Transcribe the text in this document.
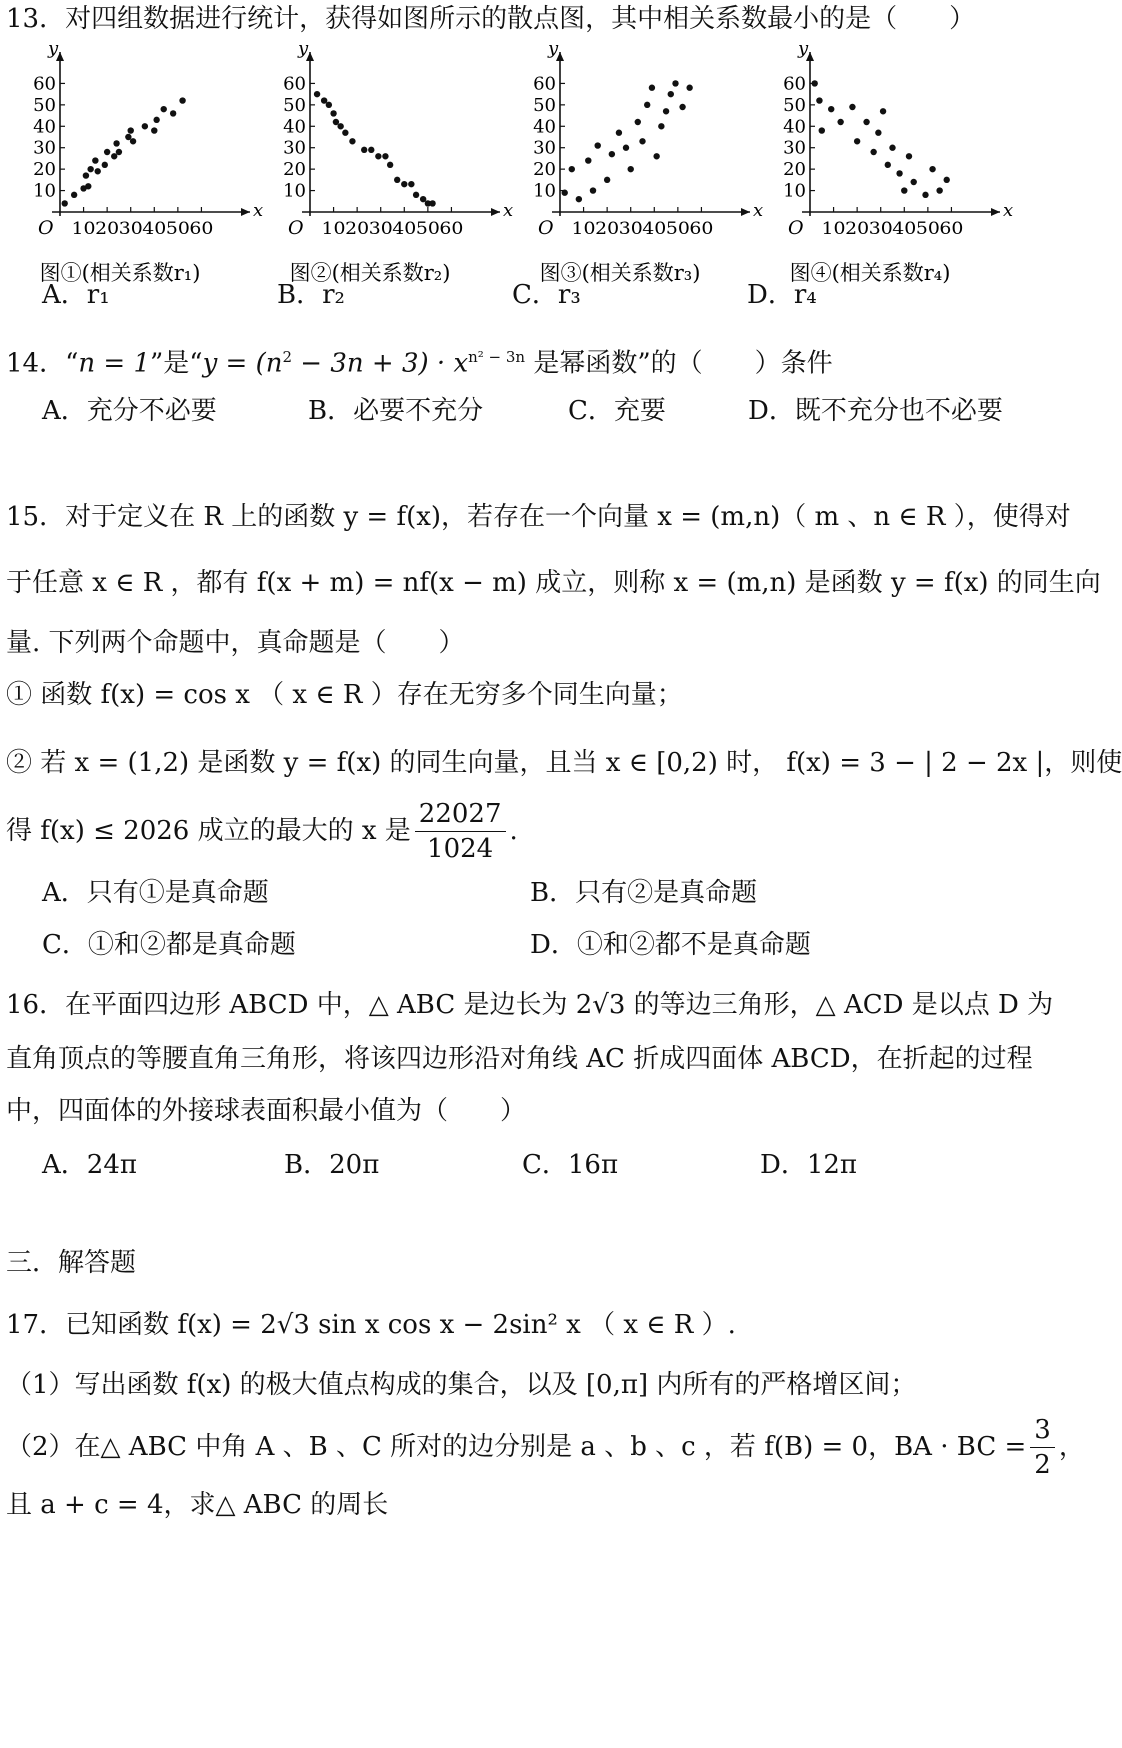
13．对四组数据进行统计，获得如图所示的散点图，其中相关系数最小的是（　　）
x
y
O
10
20
30
40
50
60
10 20 30 40 50 60
图①(相关系数r₁)
x
y
O
10
20
30
40
50
60
10 20 30 40 50 60
图②(相关系数r₂)
x
y
O
10
20
30
40
50
60
10 20 30 40 50 60
图③(相关系数r₃)
x
y
O
10
20
30
40
50
60
10 20 30 40 50 60
图④(相关系数r₄)
A．r₁	B．r₂	C．r₃	D．r₄
14．“n = 1”是“$y = (n^2 - 3n + 3) \cdot x^{n^2 - 3n}$ 是幂函数”的（　　）条件
A．充分不必要	B．必要不充分	C．充要	D．既不充分也不必要
15．对于定义在 R 上的函数 y = f(x)，若存在一个向量 x = (m,n)（ m 、n ∈ R ），使得对
于任意 x ∈ R ，都有 f(x + m) = nf(x − m) 成立，则称 x = (m,n) 是函数 y = f(x) 的同生向
量. 下列两个命题中，真命题是（　　）
① 函数 f(x) = cos x （ x ∈ R ）存在无穷多个同生向量；
② 若 x = (1,2) 是函数 y = f(x) 的同生向量，且当 x ∈ [0,2) 时， f(x) = 3 − | 2 − 2x |，则使
得 f(x) ≤ 2026 成立的最大的 x 是 $\frac{22027}{1024}$ .
A．只有①是真命题	B．只有②是真命题
C．①和②都是真命题	D．①和②都不是真命题
16．在平面四边形 ABCD 中，△ ABC 是边长为 2√3 的等边三角形，△ ACD 是以点 D 为
直角顶点的等腰直角三角形，将该四边形沿对角线 AC 折成四面体 ABCD，在折起的过程
中，四面体的外接球表面积最小值为（　　）
A．24π	B．20π	C．16π	D．12π
三．解答题
17．已知函数 f(x) = 2√3 sin x cos x − 2sin² x （ x ∈ R ）.
（1）写出函数 f(x) 的极大值点构成的集合，以及 [0,π] 内所有的严格增区间；
（2）在△ ABC 中角 A 、B 、C 所对的边分别是 a 、b 、c ，若 f(B) = 0，BA · BC = $\frac{3}{2}$ ，
且 a + c = 4，求△ ABC 的周长
